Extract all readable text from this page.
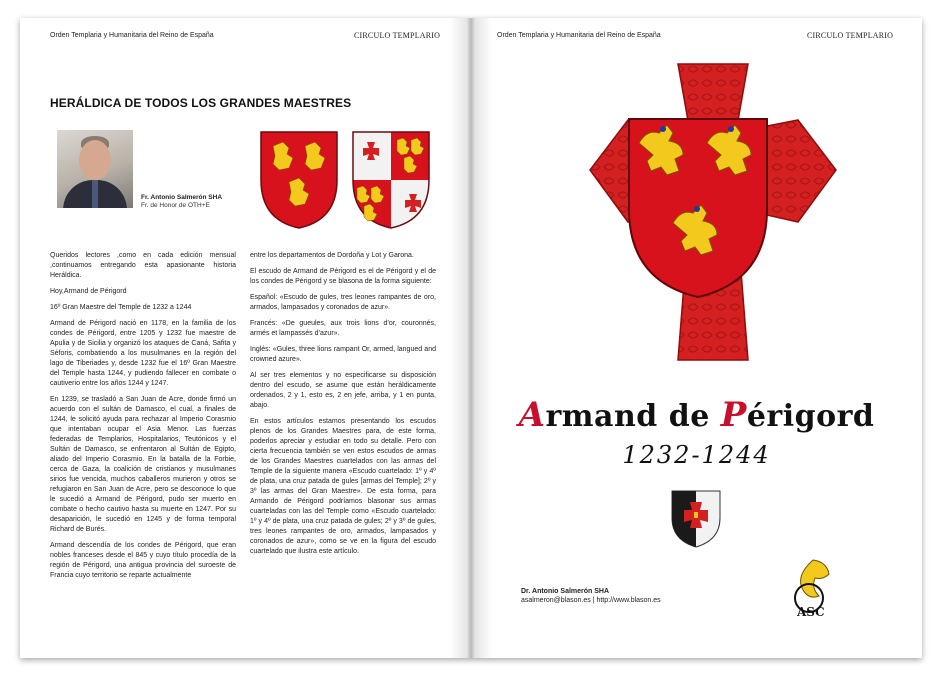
Orden Templaria y Humanitaria del Reino de España	CIRCULO TEMPLARIO
HERÁLDICA DE TODOS LOS GRANDES MAESTRES
Fr. Antonio Salmerón SHA
Fr. de Honor de OTH+E

Queridos lectores ,como en cada edición mensual ,continuamos entregando esta apasionante historia Heráldica.

Hoy,Armand de Périgord

16º Gran Maestre del Temple de 1232 a 1244

Armand de Périgord nació en 1178, en la familia de los condes de Périgord, entre 1205 y 1232 fue maestre de Apulia y de Sicilia y organizó los ataques de Caná, Safita y Séforis, combatiendo a los musulmanes en la región del lago de Tiberiades y, desde 1232 fue el 16º Gran Maestre del Temple hasta 1244, y pudiendo fallecer en combate o cautiverio entre los años 1244 y 1247.

En 1239, se trasladó a San Juan de Acre, donde firmó un acuerdo con el sultán de Damasco, el cual, a finales de 1244, le solicitó ayuda para rechazar al Imperio Corasmio que intentaban ocupar el Asia Menor. Las fuerzas federadas de Templarios, Hospitalarios, Teutónicos y el Sultán de Damasco, se enfrentaron al Sultán de Egipto, aliado del Imperio Corasmio. En la batalla de la Forbie, cerca de Gaza, la coalición de cristianos y musulmanes sirios fue vencida, muchos caballeros murieron y otros se refugiaron en San Juan de Acre, pero se desconoce lo que le sucedió a Armand de Périgord, pudo ser muerto en combate o hecho cautivo hasta su muerte en 1247. Por su desaparición, le sucedió en 1245 y de forma temporal Richard de Burés.

Armand descendía de los condes de Périgord, que eran nobles franceses desde el 845 y cuyo título procedía de la región de Périgord, una antigua provincia del suroeste de Francia cuyo territorio se reparte actualmente

entre los departamentos de Dordoña y Lot y Garona.

El escudo de Armand de Périgord es el de Périgord y el de los condes de Périgord y se blasona de la forma siguiente:

Español: «Escudo de gules, tres leones rampantes de oro, armados, lampasados y coronados de azur».

Francés: «De gueules, aux trois lions d’or, couronnés, armés et lampassés d’azur».

Inglés: «Gules, three lions rampant Or, armed, langued and crowned azure».

Al ser tres elementos y no especificarse su disposición dentro del escudo, se asume que están heráldicamente ordenados, 2 y 1, esto es, 2 en jefe, arriba, y 1 en punta, abajo.

En estos artículos estamos presentando los escudos plenos de los Grandes Maestres para, de este forma, poderlos apreciar y estudiar en todo su detalle. Pero con cierta frecuencia también se ven estos escudos de armas de los Grandes Maestres cuartelados con las armas del Temple de la siguiente manera «Escudo cuartelado: 1º y 4º de plata, una cruz patada de gules [armas del Temple]; 2º y 3º las armas del Gran Maestre». De esta forma, para Armando de Périgord podríamos blasonar sus armas cuarteladas con las del Temple como «Escudo cuartelado: 1º y 4º de plata, una cruz patada de gules; 2º y 3º de gules, tres leones rampantes de oro, armados, lampasados y coronados de azur», como se ve en la figura del escudo cuartelado que ilustra este artículo.

Orden Templaria y Humanitaria del Reino de España	CIRCULO TEMPLARIO
Armand de Périgord
1232-1244
ASC
Dr. Antonio Salmerón SHA
asalmeron@blason.es | http://www.blason.es
